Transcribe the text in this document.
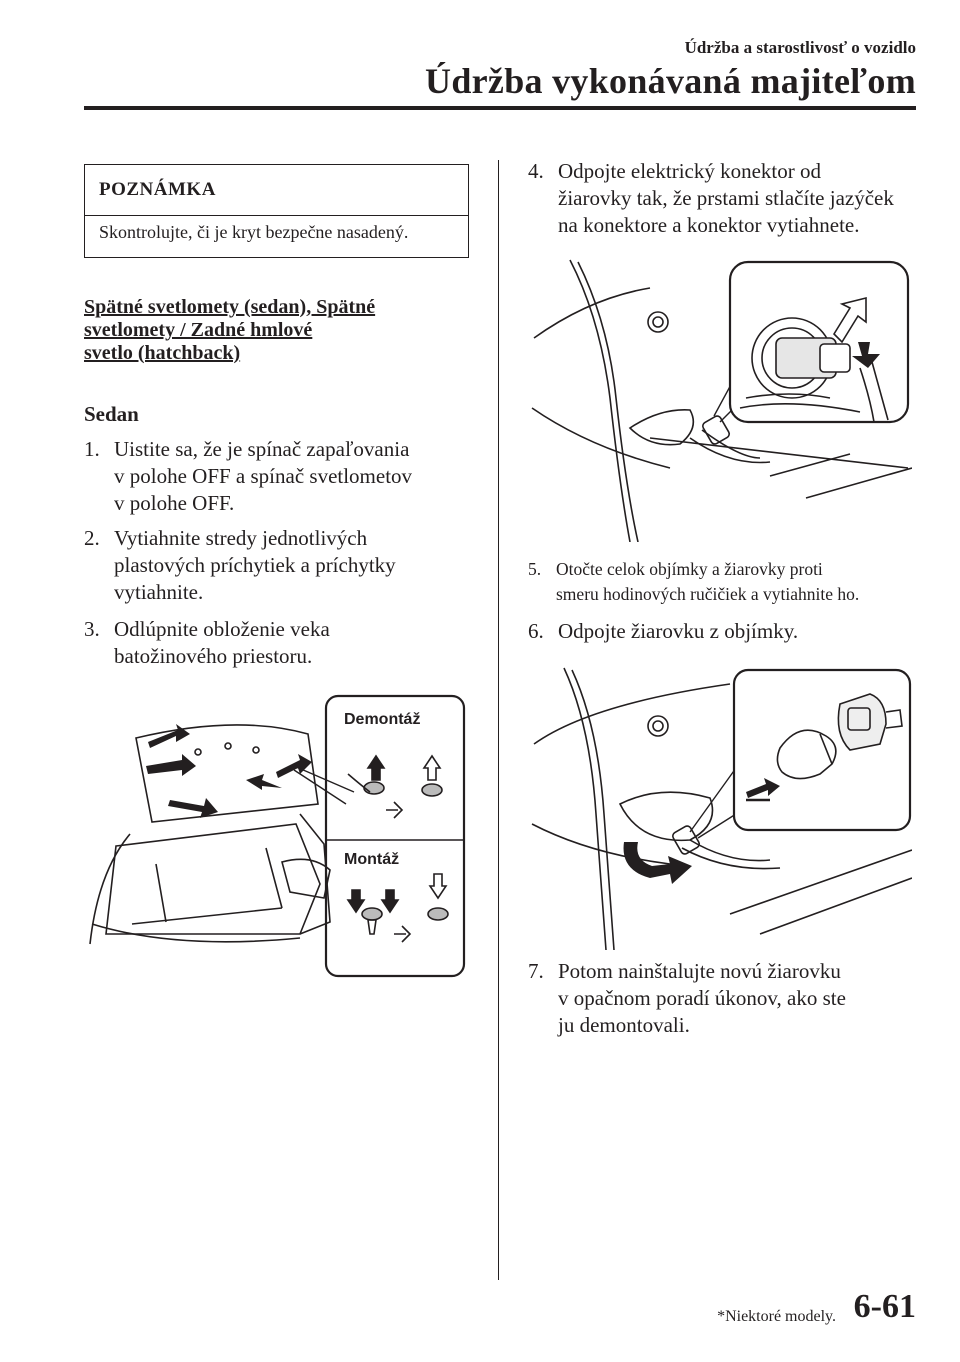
Údržba a starostlivosť o vozidlo
Údržba vykonávaná majiteľom
POZNÁMKA
Skontrolujte, či je kryt bezpečne nasadený.
Spätné svetlomety (sedan), Spätné
svetlomety / Zadné hmlové
svetlo (hatchback)
Sedan
1. Uistite sa, že je spínač zapaľovania
v polohe OFF a spínač svetlometov
v polohe OFF.
2. Vytiahnite stredy jednotlivých
plastových príchytiek a príchytky
vytiahnite.
3. Odlúpnite obloženie veka
batožinového priestoru.
Demontáž
Montáž
4. Odpojte elektrický konektor od
žiarovky tak, že prstami stlačíte jazýček
na konektore a konektor vytiahnete.
5. Otočte celok objímky a žiarovky proti
smeru hodinových ručičiek a vytiahnite ho.
6. Odpojte žiarovku z objímky.
7. Potom nainštalujte novú žiarovku
v opačnom poradí úkonov, ako ste
ju demontovali.
*Niektoré modely. 6-61
